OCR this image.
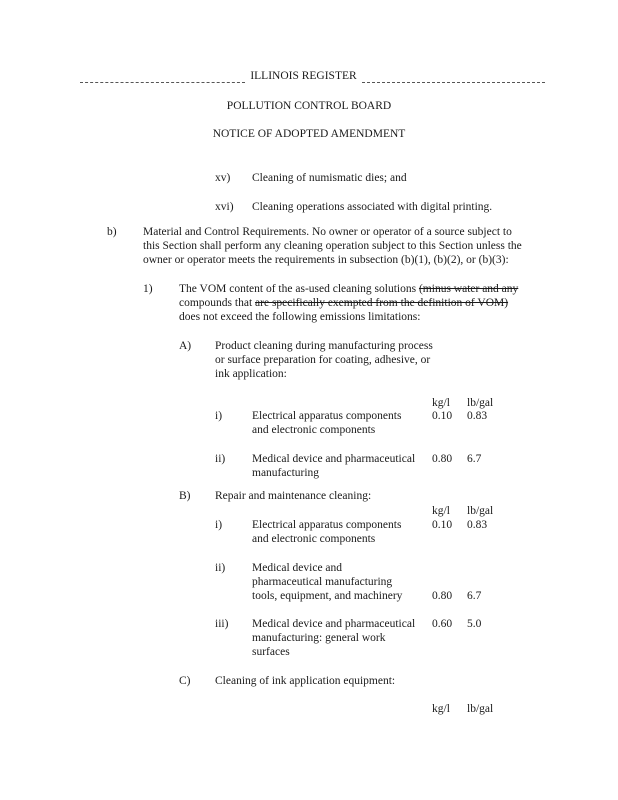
ILLINOIS REGISTER
POLLUTION CONTROL BOARD
NOTICE OF ADOPTED AMENDMENT
xv) Cleaning of numismatic dies; and
xvi) Cleaning operations associated with digital printing.
b) Material and Control Requirements. No owner or operator of a source subject to
this Section shall perform any cleaning operation subject to this Section unless the
owner or operator meets the requirements in subsection (b)(1), (b)(2), or (b)(3):
1) The VOM content of the as-used cleaning solutions (minus water and any
compounds that are specifically exempted from the definition of VOM)
does not exceed the following emissions limitations:
A) Product cleaning during manufacturing process
or surface preparation for coating, adhesive, or
ink application:
kg/l lb/gal
i)	Electrical apparatus components
and electronic components
0.10 0.83
ii) Medical device and pharmaceutical
manufacturing
0.80 6.7
B) Repair and maintenance cleaning:
kg/l lb/gal
i)	Electrical apparatus components
and electronic components
0.10 0.83
ii) Medical device and
pharmaceutical manufacturing
tools, equipment, and machinery	0.80 6.7
iii) Medical device and pharmaceutical
manufacturing: general work
surfaces
0.60 5.0
C) Cleaning of ink application equipment:
kg/l lb/gal
